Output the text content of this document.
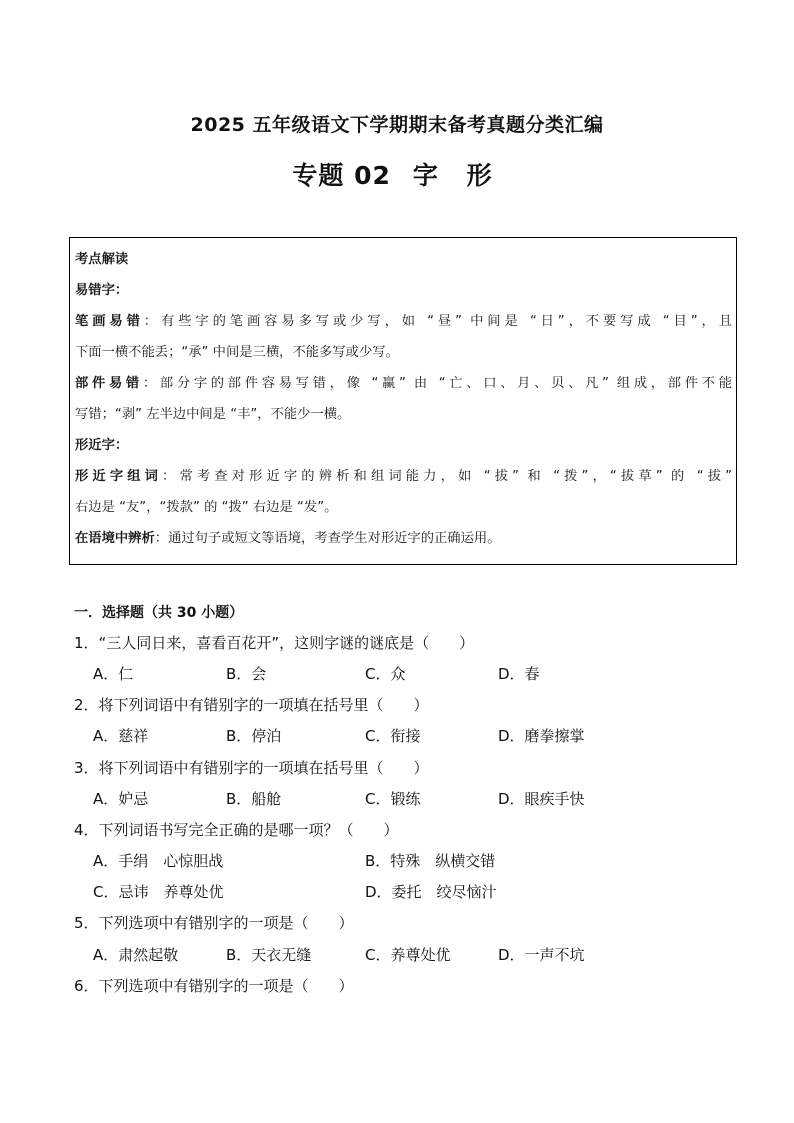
2025 五年级语文下学期期末备考真题分类汇编
专题 02 字 形

考点解读

易错字：

笔画易错：有些字的笔画容易多写或少写，如 “昼” 中间是 “日”，不要写成 “目”，且

下面一横不能丢；“承” 中间是三横，不能多写或少写。

部件易错：部分字的部件容易写错，像 “赢” 由 “亡、口、月、贝、凡” 组成，部件不能

写错；“剥” 左半边中间是 “丰”，不能少一横。

形近字：

形近字组词：常考查对形近字的辨析和组词能力，如 “拔” 和 “拨”，“拔草” 的 “拔”

右边是 “友”，“拨款” 的 “拨” 右边是 “发”。

在语境中辨析：通过句子或短文等语境，考查学生对形近字的正确运用。

一．选择题（共 30 小题）
1．“三人同日来，喜看百花开”，这则字谜的谜底是（　　）
A．仁	B．会	C．众	D．春
2．将下列词语中有错别字的一项填在括号里（　　）
A．慈祥	B．停泊	C．衔接	D．磨拳擦掌
3．将下列词语中有错别字的一项填在括号里（　　）
A．妒忌	B．船舱	C．锻练	D．眼疾手快
4．下列词语书写完全正确的是哪一项？（　　）
A．手绢　心惊胆战	B．特殊　纵横交错
C．忌讳　养尊处优	D．委托　绞尽恼汁
5．下列选项中有错别字的一项是（　　）
A．肃然起敬	B．天衣无缝	C．养尊处优	D．一声不坑
6．下列选项中有错别字的一项是（　　）
